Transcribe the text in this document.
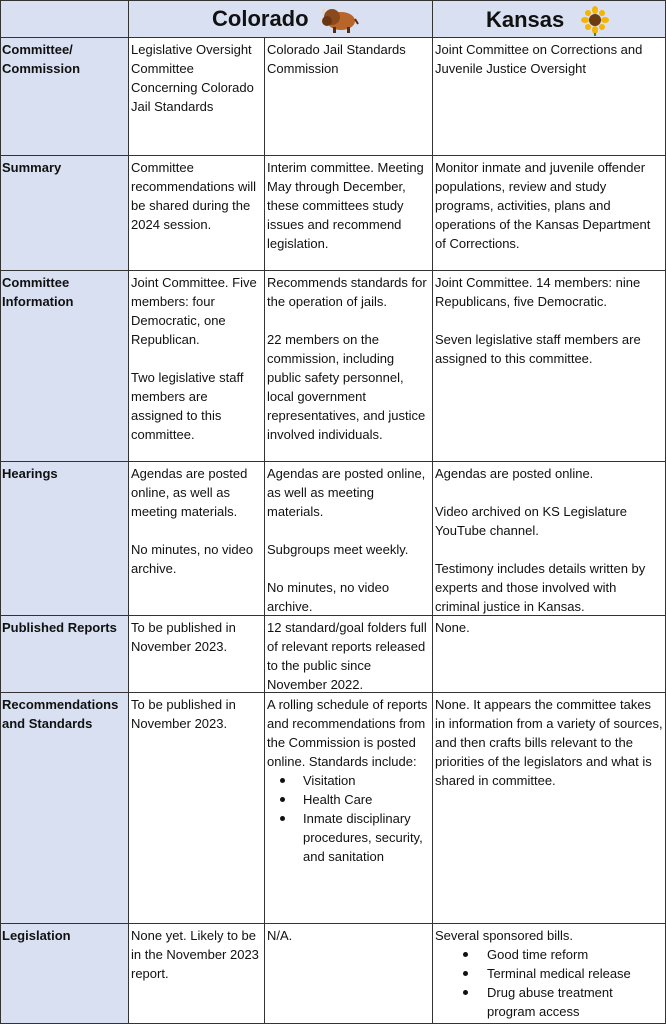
Colorado	Kansas
Committee/
Commission
Summary
Committee Information
Hearings
Published Reports
Recommendations and Standards
Legislation
Legislative Oversight Committee Concerning Colorado Jail Standards
Colorado Jail Standards Commission
Joint Committee on Corrections and Juvenile Justice Oversight
Committee recommendations will be shared during the 2024 session.
Interim committee. Meeting May through December, these committees study issues and recommend legislation.
Monitor inmate and juvenile offender populations, review and study programs, activities, plans and operations of the Kansas Department of Corrections.

Joint Committee. Five members: four Democratic, one Republican.

Two legislative staff members are assigned to this committee.

Recommends standards for the operation of jails.

22 members on the commission, including public safety personnel, local government representatives, and justice involved individuals.

Joint Committee. 14 members: nine Republicans, five Democratic.

Seven legislative staff members are assigned to this committee.

Agendas are posted online, as well as meeting materials.

No minutes, no video archive.

Agendas are posted online, as well as meeting materials.

Subgroups meet weekly.

No minutes, no video archive.

Agendas are posted online.

Video archived on KS Legislature YouTube channel.

Testimony includes details written by experts and those involved with criminal justice in Kansas.

To be published in November 2023.
12 standard/goal folders full of relevant reports released to the public since November 2022.
None.
To be published in November 2023.
A rolling schedule of reports and recommendations from the Commission is posted online. Standards include:
Visitation
Health Care
Inmate disciplinary procedures, security, and sanitation
None. It appears the committee takes in information from a variety of sources, and then crafts bills relevant to the priorities of the legislators and what is shared in committee.
None yet. Likely to be in the November 2023 report.
N/A.	Several sponsored bills.
Good time reform
Terminal medical release
Drug abuse treatment program access
